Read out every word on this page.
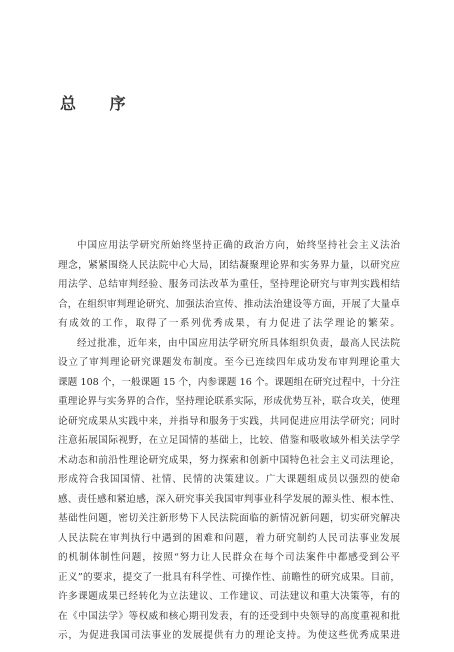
总 序
中国应用法学研究所始终坚持正确的政治方向，始终坚持社会主义法治
理念，紧紧围绕人民法院中心大局，团结凝聚理论界和实务界力量，以研究应
用法学、总结审判经验、服务司法改革为重任，坚持理论研究与审判实践相结
合，在组织审判理论研究、加强法治宣传、推动法治建设等方面，开展了大量卓
有成效的工作，取得了一系列优秀成果，有力促进了法学理论的繁荣。
经过批准，近年来，由中国应用法学研究所具体组织负责，最高人民法院
设立了审判理论研究课题发布制度。至今已连续四年成功发布审判理论重大
课题 108 个，一般课题 15 个，内参课题 16 个。课题组在研究过程中，十分注
重理论界与实务界的合作，坚持理论联系实际，形成优势互补，联合攻关，使理
论研究成果从实践中来，并指导和服务于实践，共同促进应用法学研究；同时
注意拓展国际视野，在立足国情的基础上，比较、借鉴和吸收域外相关法学学
术动态和前沿性理论研究成果，努力探索和创新中国特色社会主义司法理论，
形成符合我国国情、社情、民情的决策建议。广大课题组成员以强烈的使命
感、责任感和紧迫感，深入研究事关我国审判事业科学发展的源头性、根本性、
基础性问题，密切关注新形势下人民法院面临的新情况新问题，切实研究解决
人民法院在审判执行中遇到的困难和问题，着力研究制约人民司法事业发展
的机制体制性问题，按照“努力让人民群众在每个司法案件中都感受到公平
正义”的要求，提交了一批具有科学性、可操作性、前瞻性的研究成果。目前，
许多课题成果已经转化为立法建议、工作建议、司法建议和重大决策等，有的
在《中国法学》等权威和核心期刊发表，有的还受到中央领导的高度重视和批
示，为促进我国司法事业的发展提供有力的理论支持。为使这些优秀成果进
